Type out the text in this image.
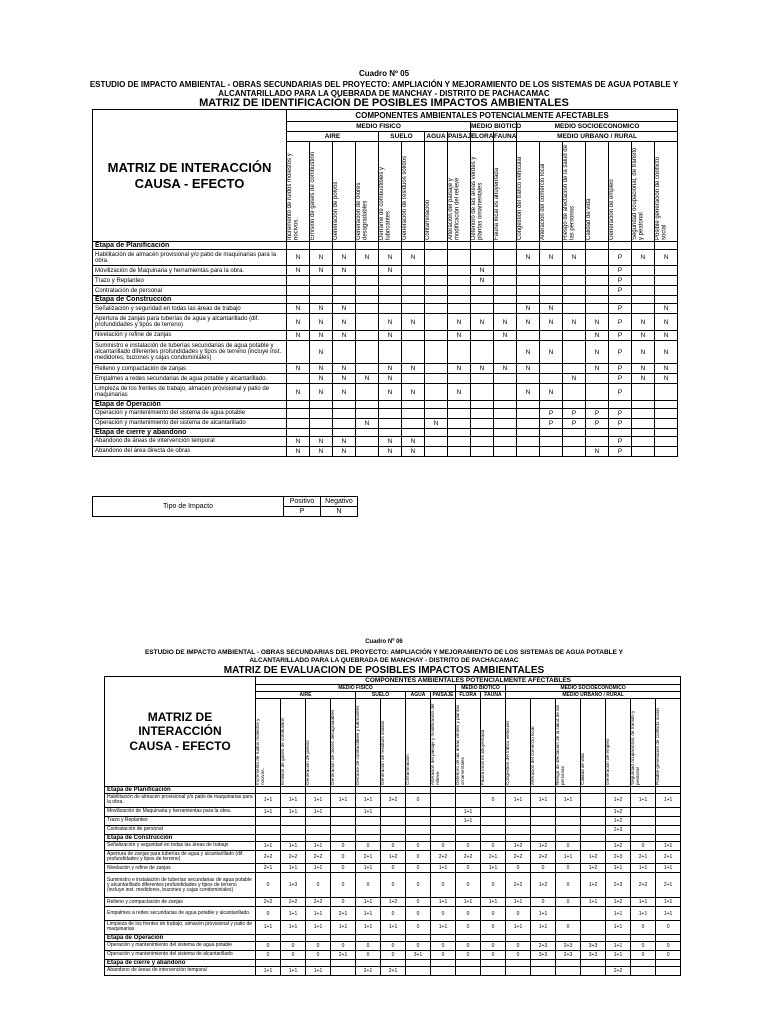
Cuadro Nº 05
ESTUDIO DE IMPACTO AMBIENTAL - OBRAS SECUNDARIAS DEL PROYECTO: AMPLIACIÓN Y MEJORAMIENTO DE LOS SISTEMAS DE AGUA POTABLE Y
ALCANTARILLADO PARA LA QUEBRADA DE MANCHAY - DISTRITO DE PACHACAMAC
MATRIZ DE IDENTIFICACIÓN DE POSIBLES IMPACTOS AMBIENTALES
MATRIZ DE INTERACCIÓN
CAUSA - EFECTO	COMPONENTES AMBIENTALES POTENCIALMENTE AFECTABLES																
	MEDIO FISICO								MEDIO BIOTICO		MEDIO SOCIOECONOMICO						
	AIRE				SUELO		AGUA	PAISAJE	FLORA	FAUNA	MEDIO URBANO / RURAL						

	Incremento de ruidos molestos y nocivos.	Emisión de gases de combustión	Generación de polvos	Generación de olores desagradables	Derrame de combustibles y lubricantes	Generación de residuos sólidos	Contaminación	Alteración del paisaje y modificación del relieve	Deterioro de las áreas verdes y plantas ornamentales	Fauna local es ahuyentada	Congestión del tráfico vehicular	Alteración del comercio local	Riesgo de afectación de la salud de las personas	Calidad de vida	Generación de empleo	Seguridad ocupacional, de tránsito y peatonal	Posible generación de conflicto social

Etapa de Planificación																	
Habilitación de almacén provisional y/o patio de maquinarias para la obra.	N	N	N	N	N	N					N	N	N		P	N	N
Movilización de Maquinaria y herramientas para la obra.	N	N	N		N				N						P		
Trazo y Replanteo									N						P		
Contratación de personal															P		
Etapa de Construcción																	
Señalización y seguridad en todas las áreas de trabajo	N	N	N								N	N			P		N
Apertura de zanjas para tuberías de agua y alcantarillado (dif. profundidades y tipos de terreno)	N	N	N		N	N		N	N	N	N	N	N	N	P	N	N
Nivelación y refine de zanjas	N	N	N		N			N		N				N	P	N	N
Suministro e instalación de tuberías secundarias de agua potable y alcantarillado diferentes profundidades y tipos de terreno (incluye inst. medidores, buzones y cajas condominiales)		N									N	N		N	P	N	N
Relleno y compactación de zanjas	N	N	N		N	N		N	N	N	N			N	P	N	N
Empalmes a redes secundarias de agua potable y alcantarillado.		N	N	N	N								N		P	N	N
Limpieza de los frentes de trabajo, almacén provisional y patio de maquinarias	N	N	N		N	N		N			N	N			P		
Etapa de Operación																	
Operación y mantenimiento del sistema de agua potable												P	P	P	P		
Operación y mantenimiento del sistema de alcantarillado				N			N					P	P	P	P		
Etapa de cierre y abandono																	
Abandono de áreas de intervención temporal	N	N	N		N	N									P		
Abandono del área directa de obras	N	N	N		N	N								N	P		
Tipo de Impacto	Positivo	Negativo
	P	N
Cuadro Nº 06
ESTUDIO DE IMPACTO AMBIENTAL - OBRAS SECUNDARIAS DEL PROYECTO: AMPLIACIÓN Y MEJORAMIENTO DE LOS SISTEMAS DE AGUA POTABLE Y
ALCANTARILLADO PARA LA QUEBRADA DE MANCHAY - DISTRITO DE PACHACAMAC
MATRIZ DE EVALUACION DE POSIBLES IMPACTOS AMBIENTALES
MATRIZ DE INTERACCIÓN
CAUSA - EFECTO	COMPONENTES AMBIENTALES POTENCIALMENTE AFECTABLES																
	MEDIO FISICO								MEDIO BIOTICO		MEDIO SOCIOECONOMICO						
	AIRE				SUELO		AGUA	PAISAJE	FLORA	FAUNA	MEDIO URBANO / RURAL						

	Incremento de ruidos molestos y nocivos.	Emisión de gases de combustión	Generación de polvos	Generación de olores desagradables	Derrame de combustibles y lubricantes	Generación de residuos sólidos	Contaminación	Alteración del paisaje y modificación del relieve	Deterioro de las áreas verdes y plantas ornamentales	Fauna local es ahuyentada	Congestión del tráfico vehicular	Alteración del comercio local	Riesgo de afectación de la salud de las personas	Calidad de vida	Generación de empleo	Seguridad ocupacional, de tránsito y peatonal	Posible generación de conflicto social

Etapa de Planificación																	
Habilitación de almacén provisional y/o patio de maquinarias para la obra.	1+1	1+1	1+1	1+1	1+1	2+2	0			0	1+1	1+1	1+1		1+2	1+1	1+1
Movilización de Maquinaria y herramientas para la obra.	1+1	1+1	1+1		1+1				1+1						1+2		
Trazo y Replanteo									1+1						1+2		
Contratación de personal															2+3		
Etapa de Construcción																	
Señalización y seguridad en todas las áreas de trabajo	1+1	1+1	1+1	0	0	0	0	0	0	0	1+2	1+2	0		1+2	0	1+1
Apertura de zanjas para tuberías de agua y alcantarillado (dif. profundidades y tipos de terreno)	2+2	2+2	2+2	0	2+1	1+2	0	2+2	2+2	2+1	2+2	2+2	1+1	1+2	2+3	2+1	2+1
Nivelación y refine de zanjas	2+1	1+1	1+1	0	1+1	0	0	1+1	0	1+1	0	0	0	1+2	1+1	1+1	1+1
Suministro e instalación de tuberías secundarias de agua potable y alcantarillado diferentes profundidades y tipos de terreno (incluye inst. medidores, buzones y cajas condominiales)	0	1+3	0	0	0	0	0	0	0	0	2+2	1+2	0	1+2	2+3	2+2	2+1
Relleno y compactación de zanjas	2+2	2+2	2+2	0	1+1	1+2	0	1+1	1+1	1+1	1+1	0	0	1+1	1+2	1+1	1+1
Empalmes a redes secundarias de agua potable y alcantarillado.	0	1+1	1+1	2+1	1+1	0	0	0	0	0	0	1+1			1+1	1+1	1+1
Limpieza de los frentes de trabajo, almacén provisional y patio de maquinarias	1+1	1+1	1+1	1+1	1+1	1+1	0	1+1	0	0	1+1	1+1	0		1+1	0	0
Etapa de Operación																	
Operación y mantenimiento del sistema de agua potable	0	0	0	0	0	0	0	0	0	0	0	2+3	2+3	3+3	1+1	0	0
Operación y mantenimiento del sistema de alcantarillado	0	0	0	2+1	0	0	3+1	0	0	0	0	3+3	2+3	3+3	1+1	0	0
Etapa de cierre y abandono																	
Abandono de áreas de intervención temporal	1+1	1+1	1+1		2+1	2+1									2+2		
